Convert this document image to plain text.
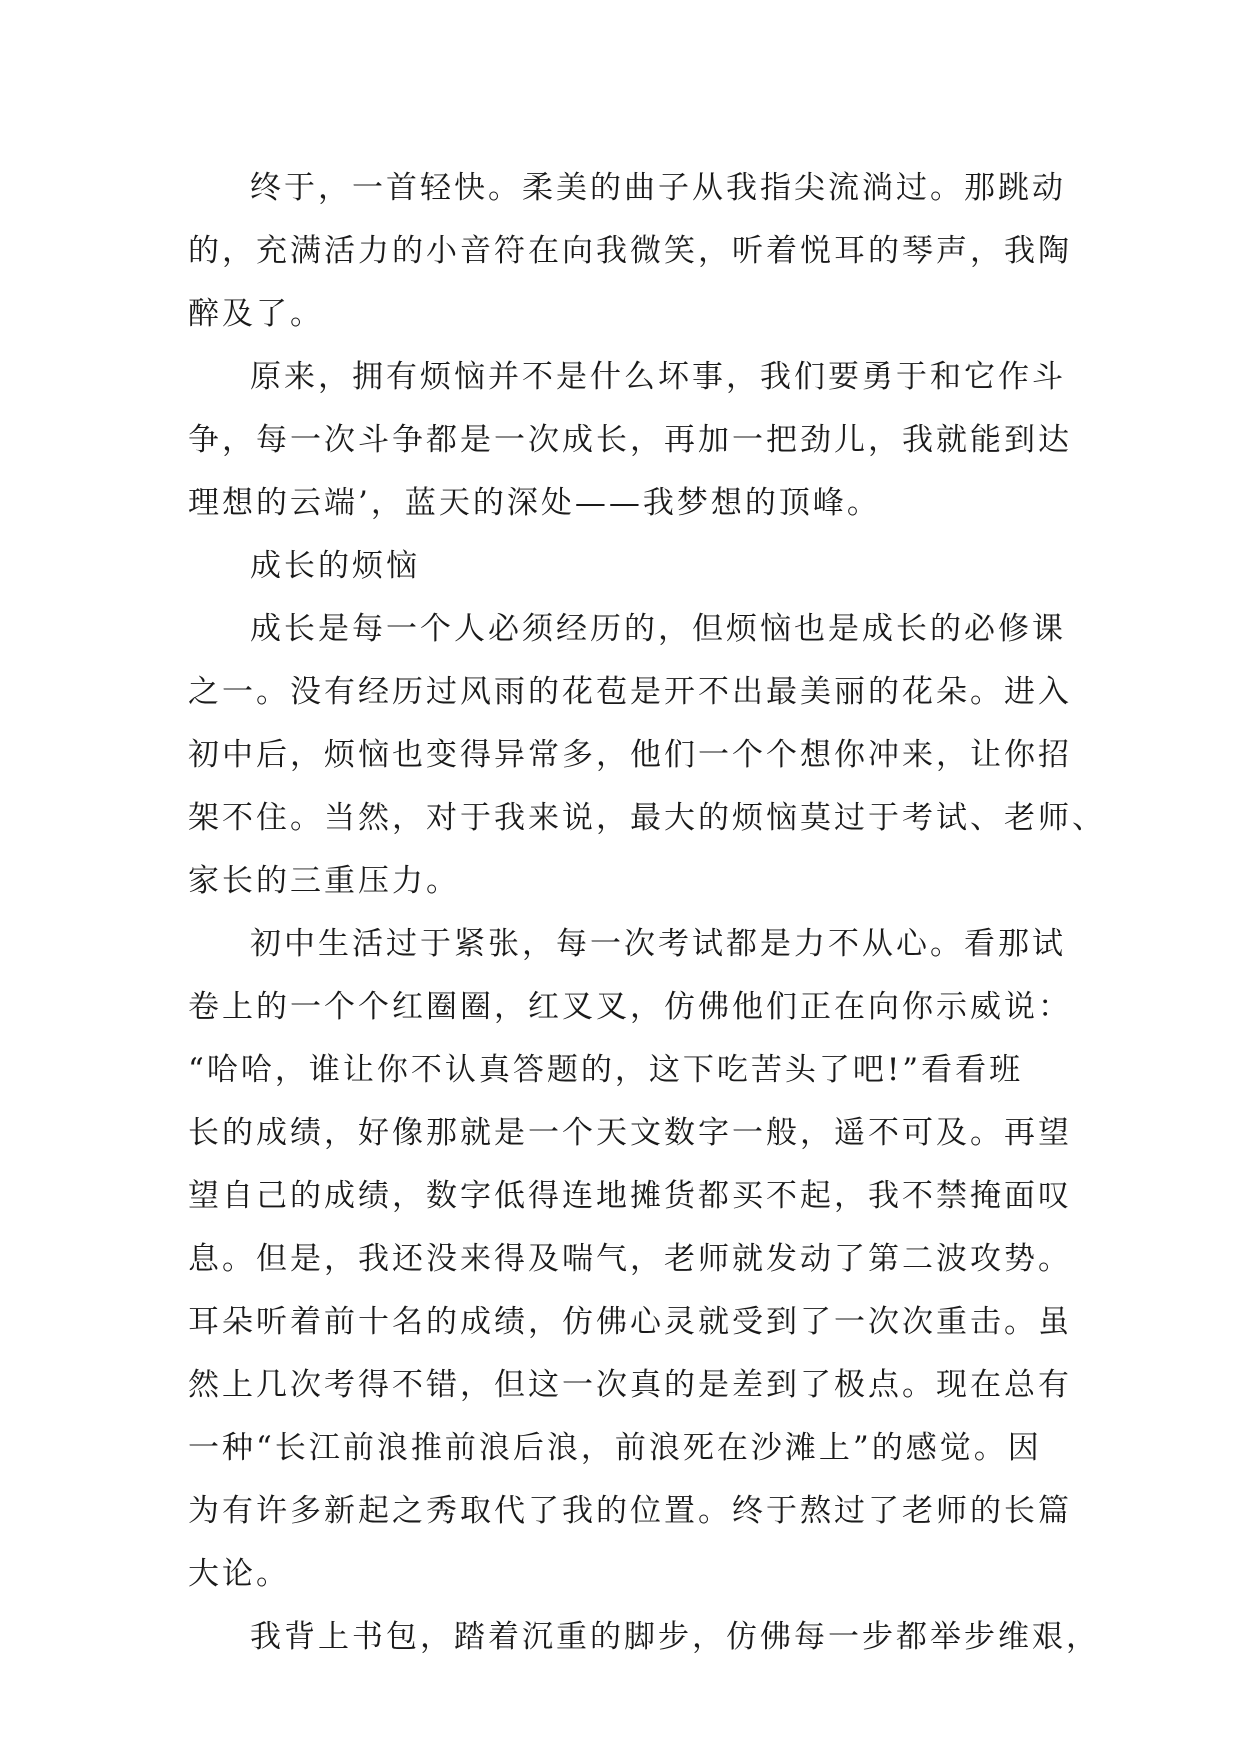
终于，一首轻快。柔美的曲子从我指尖流淌过。那跳动
的，充满活力的小音符在向我微笑，听着悦耳的琴声，我陶
醉及了。
原来，拥有烦恼并不是什么坏事，我们要勇于和它作斗
争，每一次斗争都是一次成长，再加一把劲儿，我就能到达
理想的云端’，蓝天的深处——我梦想的顶峰。
成长的烦恼
成长是每一个人必须经历的，但烦恼也是成长的必修课
之一。没有经历过风雨的花苞是开不出最美丽的花朵。进入
初中后，烦恼也变得异常多，他们一个个想你冲来，让你招
架不住。当然，对于我来说，最大的烦恼莫过于考试、老师、
家长的三重压力。
初中生活过于紧张，每一次考试都是力不从心。看那试
卷上的一个个红圈圈，红叉叉，仿佛他们正在向你示威说：
“哈哈，谁让你不认真答题的，这下吃苦头了吧!”看看班
长的成绩，好像那就是一个天文数字一般，遥不可及。再望
望自己的成绩，数字低得连地摊货都买不起，我不禁掩面叹
息。但是，我还没来得及喘气，老师就发动了第二波攻势。
耳朵听着前十名的成绩，仿佛心灵就受到了一次次重击。虽
然上几次考得不错，但这一次真的是差到了极点。现在总有
一种“长江前浪推前浪后浪，前浪死在沙滩上”的感觉。因
为有许多新起之秀取代了我的位置。终于熬过了老师的长篇
大论。
我背上书包，踏着沉重的脚步，仿佛每一步都举步维艰，
